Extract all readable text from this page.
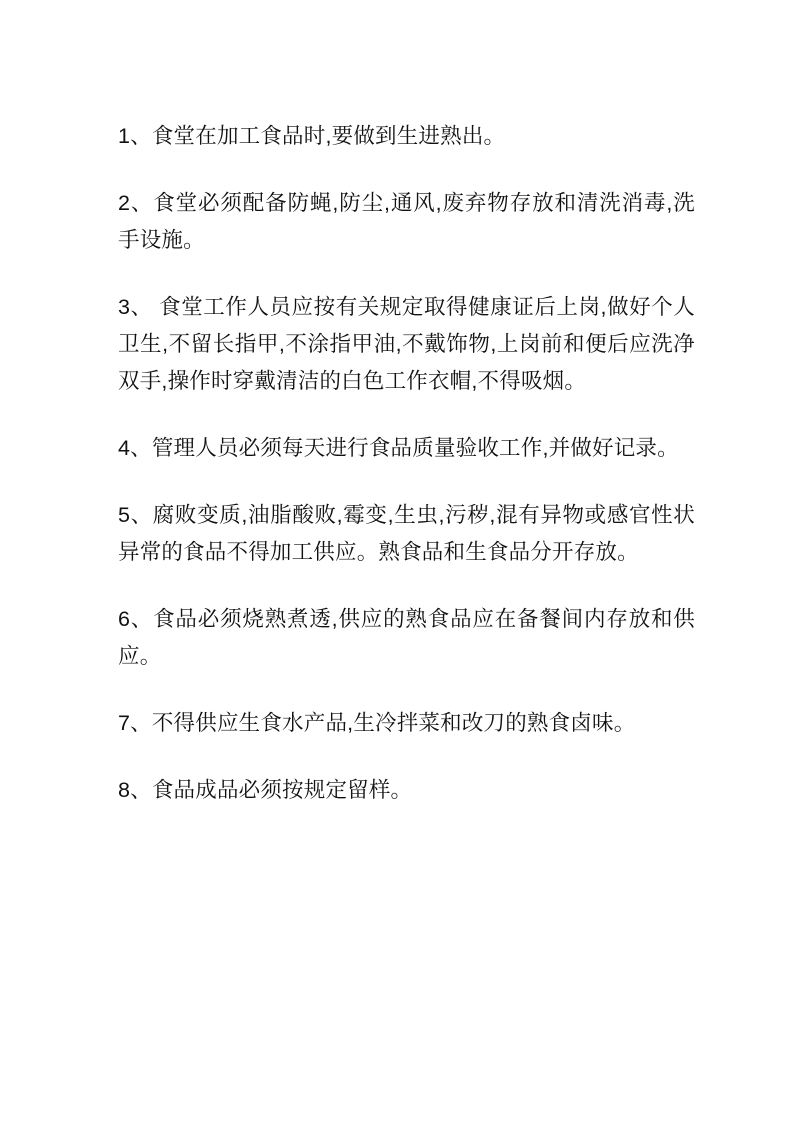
1、食堂在加工食品时,要做到生进熟出。

2、食堂必须配备防蝇,防尘,通风,废弃物存放和清洗消毒,洗手设施。

3、 食堂工作人员应按有关规定取得健康证后上岗,做好个人卫生,不留长指甲,不涂指甲油,不戴饰物,上岗前和便后应洗净双手,操作时穿戴清洁的白色工作衣帽,不得吸烟。

4、管理人员必须每天进行食品质量验收工作,并做好记录。

5、腐败变质,油脂酸败,霉变,生虫,污秽,混有异物或感官性状异常的食品不得加工供应。熟食品和生食品分开存放。

6、食品必须烧熟煮透,供应的熟食品应在备餐间内存放和供应。

7、不得供应生食水产品,生冷拌菜和改刀的熟食卤味。

8、食品成品必须按规定留样。
